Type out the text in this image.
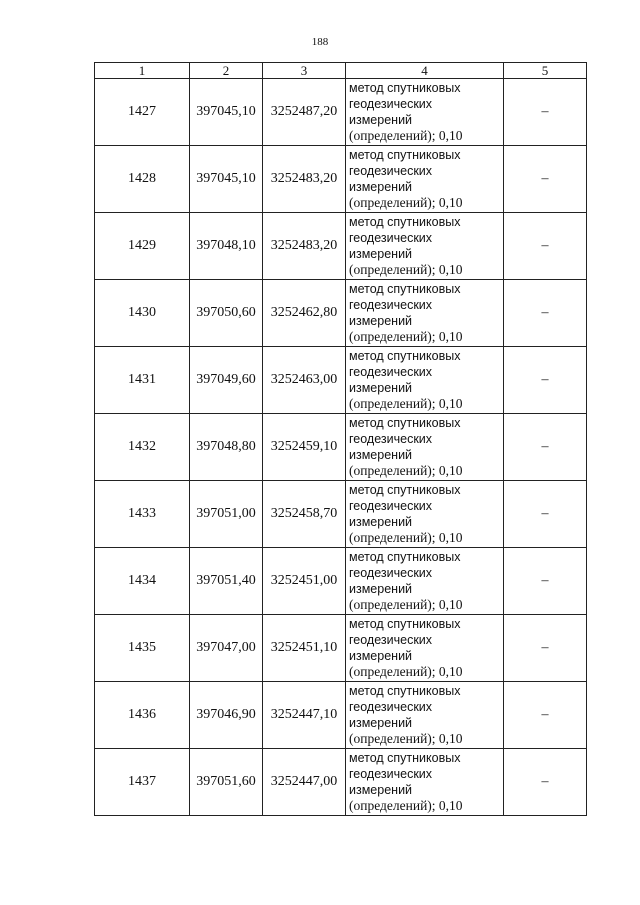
188
1	2	3	4	5
1427	397045,10	3252487,20	метод спутниковых
геодезических
измерений
(определений); 0,10	–
1428	397045,10	3252483,20	метод спутниковых
геодезических
измерений
(определений); 0,10	–
1429	397048,10	3252483,20	метод спутниковых
геодезических
измерений
(определений); 0,10	–
1430	397050,60	3252462,80	метод спутниковых
геодезических
измерений
(определений); 0,10	–
1431	397049,60	3252463,00	метод спутниковых
геодезических
измерений
(определений); 0,10	–
1432	397048,80	3252459,10	метод спутниковых
геодезических
измерений
(определений); 0,10	–
1433	397051,00	3252458,70	метод спутниковых
геодезических
измерений
(определений); 0,10	–
1434	397051,40	3252451,00	метод спутниковых
геодезических
измерений
(определений); 0,10	–
1435	397047,00	3252451,10	метод спутниковых
геодезических
измерений
(определений); 0,10	–
1436	397046,90	3252447,10	метод спутниковых
геодезических
измерений
(определений); 0,10	–
1437	397051,60	3252447,00	метод спутниковых
геодезических
измерений
(определений); 0,10	–
